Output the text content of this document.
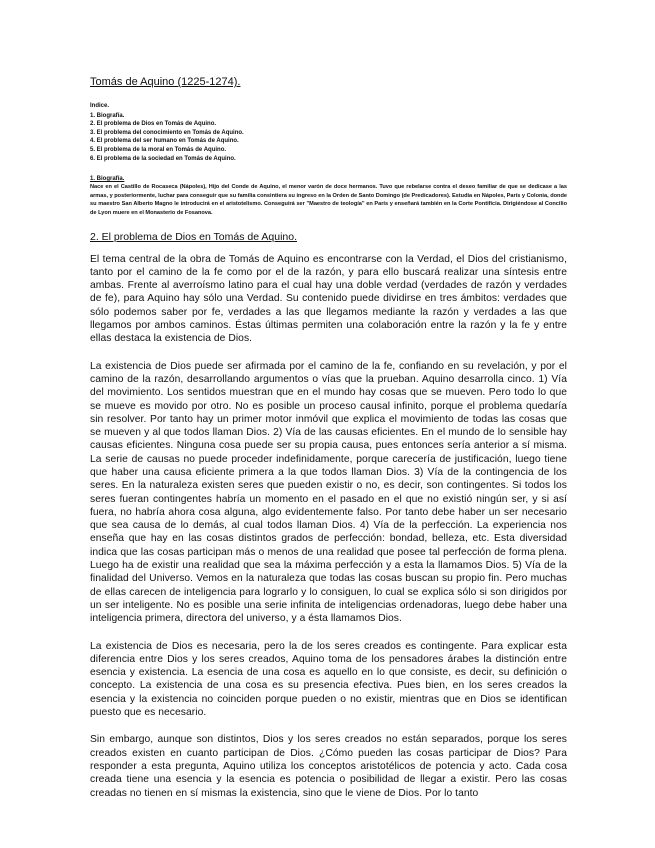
Tomás de Aquino (1225-1274).
Indice.
1. Biografía.
2. El problema de Dios en Tomás de Aquino.
3. El problema del conocimiento en Tomás de Aquino.
4. El problema del ser humano en Tomás de Aquino.
5. El problema de la moral en Tomás de Aquino.
6. El problema de la sociedad en Tomás de Aquino.
1. Biografía.
Nace en el Castillo de Rocaseca (Nápoles), Hijo del Conde de Aquino, el menor varón de doce hermanos. Tuvo que rebelarse contra el deseo familiar de que se dedicase a las armas, y posteriormente, luchar para conseguir que su familia consintiera su ingreso en la Orden de Santo Domingo (de Predicadores). Estudia en Nápoles, París y Colonia, donde su maestro San Alberto Magno le introducirá en el aristotelismo. Conseguirá ser "Maestro de teología" en París y enseñará también en la Corte Pontificia. Dirigiéndose al Concilio de Lyon muere en el Monasterio de Fosanova.
2. El problema de Dios en Tomás de Aquino.

El tema central de la obra de Tomás de Aquino es encontrarse con la Verdad, el Dios del cristianismo, tanto por el camino de la fe como por el de la razón, y para ello buscará realizar una síntesis entre ambas. Frente al averroísmo latino para el cual hay una doble verdad (verdades de razón y verdades de fe), para Aquino hay sólo una Verdad. Su contenido puede dividirse en tres ámbitos: verdades que sólo podemos saber por fe, verdades a las que llegamos mediante la razón y verdades a las que llegamos por ambos caminos. Éstas últimas permiten una colaboración entre la razón y la fe y entre ellas destaca la existencia de Dios.

La existencia de Dios puede ser afirmada por el camino de la fe, confiando en su revelación, y por el camino de la razón, desarrollando argumentos o vías que la prueban. Aquino desarrolla cinco. 1) Vía del movimiento. Los sentidos muestran que en el mundo hay cosas que se mueven. Pero todo lo que se mueve es movido por otro. No es posible un proceso causal infinito, porque el problema quedaría sin resolver. Por tanto hay un primer motor inmóvil que explica el movimiento de todas las cosas que se mueven y al que todos llaman Dios. 2) Vía de las causas eficientes. En el mundo de lo sensible hay causas eficientes. Ninguna cosa puede ser su propia causa, pues entonces sería anterior a sí misma. La serie de causas no puede proceder indefinidamente, porque carecería de justificación, luego tiene que haber una causa eficiente primera a la que todos llaman Dios. 3) Vía de la contingencia de los seres. En la naturaleza existen seres que pueden existir o no, es decir, son contingentes. Si todos los seres fueran contingentes habría un momento en el pasado en el que no existió ningún ser, y si así fuera, no habría ahora cosa alguna, algo evidentemente falso. Por tanto debe haber un ser necesario que sea causa de lo demás, al cual todos llaman Dios. 4) Vía de la perfección. La experiencia nos enseña que hay en las cosas distintos grados de perfección: bondad, belleza, etc. Esta diversidad indica que las cosas participan más o menos de una realidad que posee tal perfección de forma plena. Luego ha de existir una realidad que sea la máxima perfección y a esta la llamamos Dios. 5) Vía de la finalidad del Universo. Vemos en la naturaleza que todas las cosas buscan su propio fin. Pero muchas de ellas carecen de inteligencia para lograrlo y lo consiguen, lo cual se explica sólo si son dirigidos por un ser inteligente. No es posible una serie infinita de inteligencias ordenadoras, luego debe haber una inteligencia primera, directora del universo, y a ésta llamamos Dios.

La existencia de Dios es necesaria, pero la de los seres creados es contingente. Para explicar esta diferencia entre Dios y los seres creados, Aquino toma de los pensadores árabes la distinción entre esencia y existencia. La esencia de una cosa es aquello en lo que consiste, es decir, su definición o concepto. La existencia de una cosa es su presencia efectiva. Pues bien, en los seres creados la esencia y la existencia no coinciden porque pueden o no existir, mientras que en Dios se identifican puesto que es necesario.

Sin embargo, aunque son distintos, Dios y los seres creados no están separados, porque los seres creados existen en cuanto participan de Dios. ¿Cómo pueden las cosas participar de Dios? Para responder a esta pregunta, Aquino utiliza los conceptos aristotélicos de potencia y acto. Cada cosa creada tiene una esencia y la esencia es potencia o posibilidad de llegar a existir. Pero las cosas creadas no tienen en sí mismas la existencia, sino que le viene de Dios. Por lo tanto
